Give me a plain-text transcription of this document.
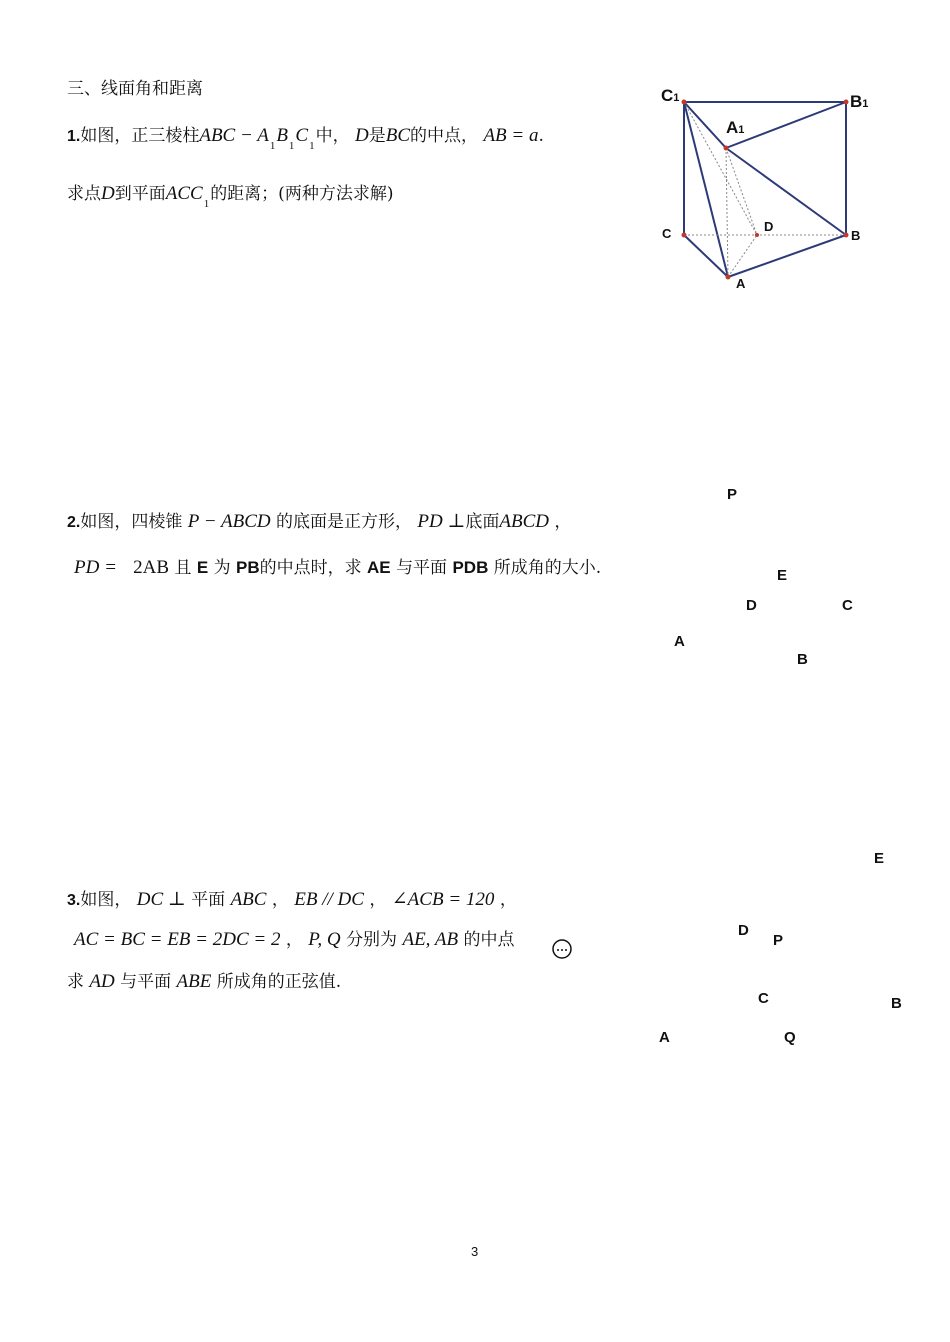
三、线面角和距离
1.如图，正三棱柱ABC − $A_1B_1C_1$中， D是BC的中点， AB = a.
求点D到平面$ACC_1$的距离；(两种方法求解)
C1	B1
A1
C	D
B
A
2.如图，四棱锥 P − ABCD 的底面是正方形， PD ⊥底面ABCD ，
PD = 2AB 且 E 为 PB的中点时，求 AE 与平面 PDB 所成角的大小.
P
E
D	C
A
B
3.如图， DC ⊥ 平面 ABC ， EB // DC ， ∠ACB = 120 ，
AC = BC = EB = 2DC = 2 ， P, Q 分别为 AE, AB 的中点
求 AD 与平面 ABE 所成角的正弦值.
E
D
P
C	B
A	Q
3
